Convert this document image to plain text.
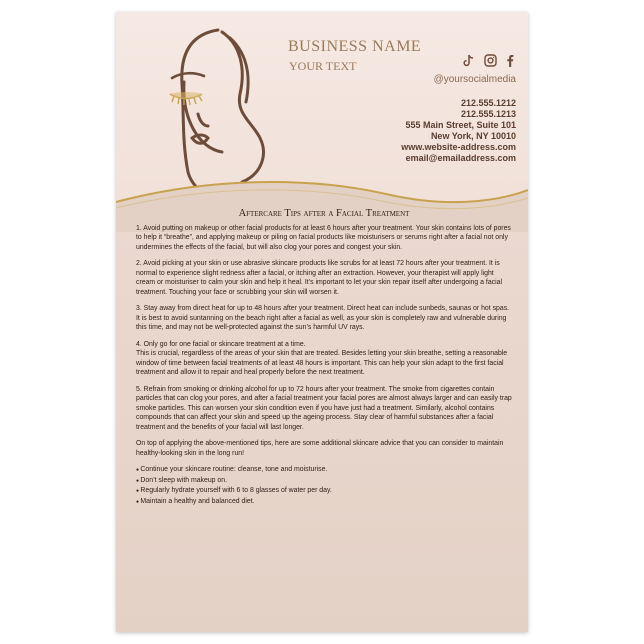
BUSINESS NAME
YOUR TEXT
@yoursocialmedia
212.555.1212
212.555.1213
555 Main Street, Suite 101
New York, NY 10010
www.website-address.com
email@emailaddress.com
Aftercare Tips after a Facial Treatment

1. Avoid putting on makeup or other facial products for at least 6 hours after your treatment. Your skin contains lots of pores to help it “breathe”, and applying makeup or piling on facial products like moisturisers or serums right after a facial not only undermines the effects of the facial, but will also clog your pores and congest your skin.

2. Avoid picking at your skin or use abrasive skincare products like scrubs for at least 72 hours after your treatment. It is normal to experience slight redness after a facial, or itching after an extraction. However, your therapist will apply light cream or moisturiser to calm your skin and help it heal. It’s important to let your skin repair itself after undergoing a facial treatment. Touching your face or scrubbing your skin will worsen it.

3. Stay away from direct heat for up to 48 hours after your treatment. Direct heat can include sunbeds, saunas or hot spas. It is best to avoid suntanning on the beach right after a facial as well, as your skin is completely raw and vulnerable during this time, and may not be well-protected against the sun’s harmful UV rays.

4. Only go for one facial or skincare treatment at a time.
This is crucial, regardless of the areas of your skin that are treated. Besides letting your skin breathe, setting a reasonable window of time between facial treatments of at least 48 hours is important. This can help your skin adapt to the first facial treatment and allow it to repair and heal properly before the next treatment.

5. Refrain from smoking or drinking alcohol for up to 72 hours after your treatment. The smoke from cigarettes contain particles that can clog your pores, and after a facial treatment your facial pores are almost always larger and can easily trap smoke particles. This can worsen your skin condition even if you have just had a treatment. Similarly, alcohol contains compounds that can affect your skin and speed up the ageing process. Stay clear of harmful substances after a facial treatment and the benefits of your facial will last longer.

On top of applying the above-mentioned tips, here are some additional skincare advice that you can consider to maintain healthy-looking skin in the long run!

● Continue your skincare routine: cleanse, tone and moisturise.
● Don’t sleep with makeup on.
● Regularly hydrate yourself with 6 to 8 glasses of water per day.
● Maintain a healthy and balanced diet.
